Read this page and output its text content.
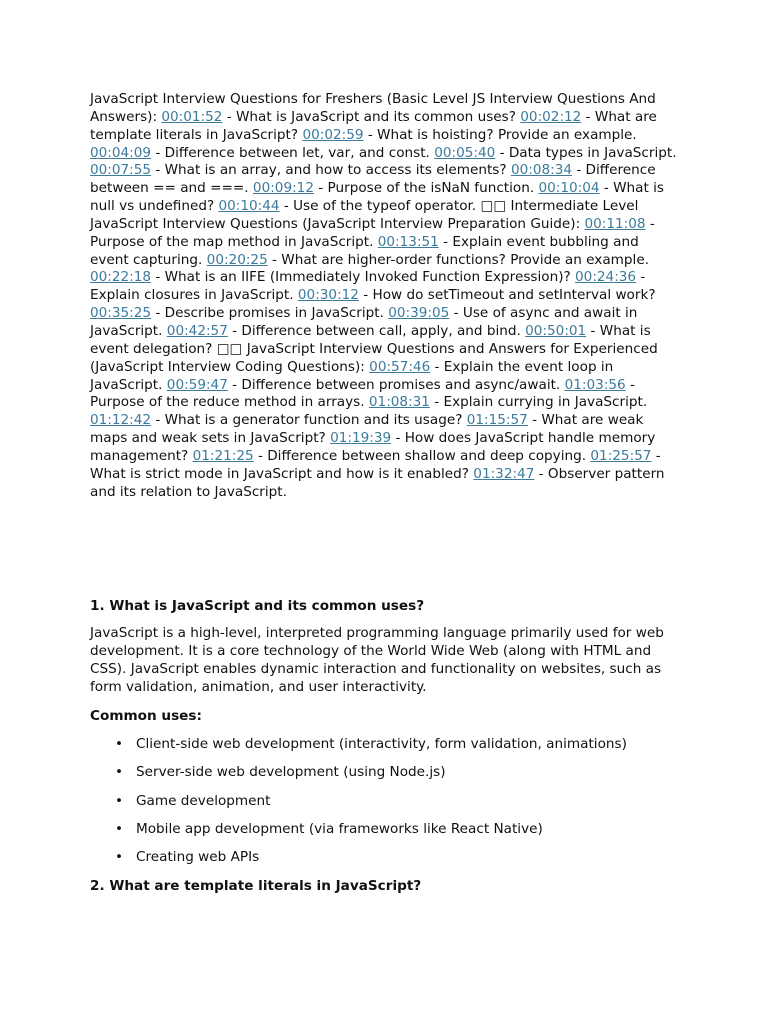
JavaScript Interview Questions for Freshers (Basic Level JS Interview Questions And Answers): 00:01:52 - What is JavaScript and its common uses? 00:02:12 - What are template literals in JavaScript? 00:02:59 - What is hoisting? Provide an example. 00:04:09 - Difference between let, var, and const. 00:05:40 - Data types in JavaScript. 00:07:55 - What is an array, and how to access its elements? 00:08:34 - Difference between == and ===. 00:09:12 - Purpose of the isNaN function. 00:10:04 - What is null vs undefined? 00:10:44 - Use of the typeof operator. □□ Intermediate Level JavaScript Interview Questions (JavaScript Interview Preparation Guide): 00:11:08 - Purpose of the map method in JavaScript. 00:13:51 - Explain event bubbling and event capturing. 00:20:25 - What are higher-order functions? Provide an example. 00:22:18 - What is an IIFE (Immediately Invoked Function Expression)? 00:24:36 - Explain closures in JavaScript. 00:30:12 - How do setTimeout and setInterval work? 00:35:25 - Describe promises in JavaScript. 00:39:05 - Use of async and await in JavaScript. 00:42:57 - Difference between call, apply, and bind. 00:50:01 - What is event delegation? □□ JavaScript Interview Questions and Answers for Experienced (JavaScript Interview Coding Questions): 00:57:46 - Explain the event loop in JavaScript. 00:59:47 - Difference between promises and async/await. 01:03:56 - Purpose of the reduce method in arrays. 01:08:31 - Explain currying in JavaScript. 01:12:42 - What is a generator function and its usage? 01:15:57 - What are weak maps and weak sets in JavaScript? 01:19:39 - How does JavaScript handle memory management? 01:21:25 - Difference between shallow and deep copying. 01:25:57 - What is strict mode in JavaScript and how is it enabled? 01:32:47 - Observer pattern and its relation to JavaScript.

1. What is JavaScript and its common uses?

JavaScript is a high-level, interpreted programming language primarily used for web development. It is a core technology of the World Wide Web (along with HTML and CSS). JavaScript enables dynamic interaction and functionality on websites, such as form validation, animation, and user interactivity.

Common uses:
• Client-side web development (interactivity, form validation, animations)
• Server-side web development (using Node.js)
• Game development
• Mobile app development (via frameworks like React Native)
• Creating web APIs
2. What are template literals in JavaScript?
